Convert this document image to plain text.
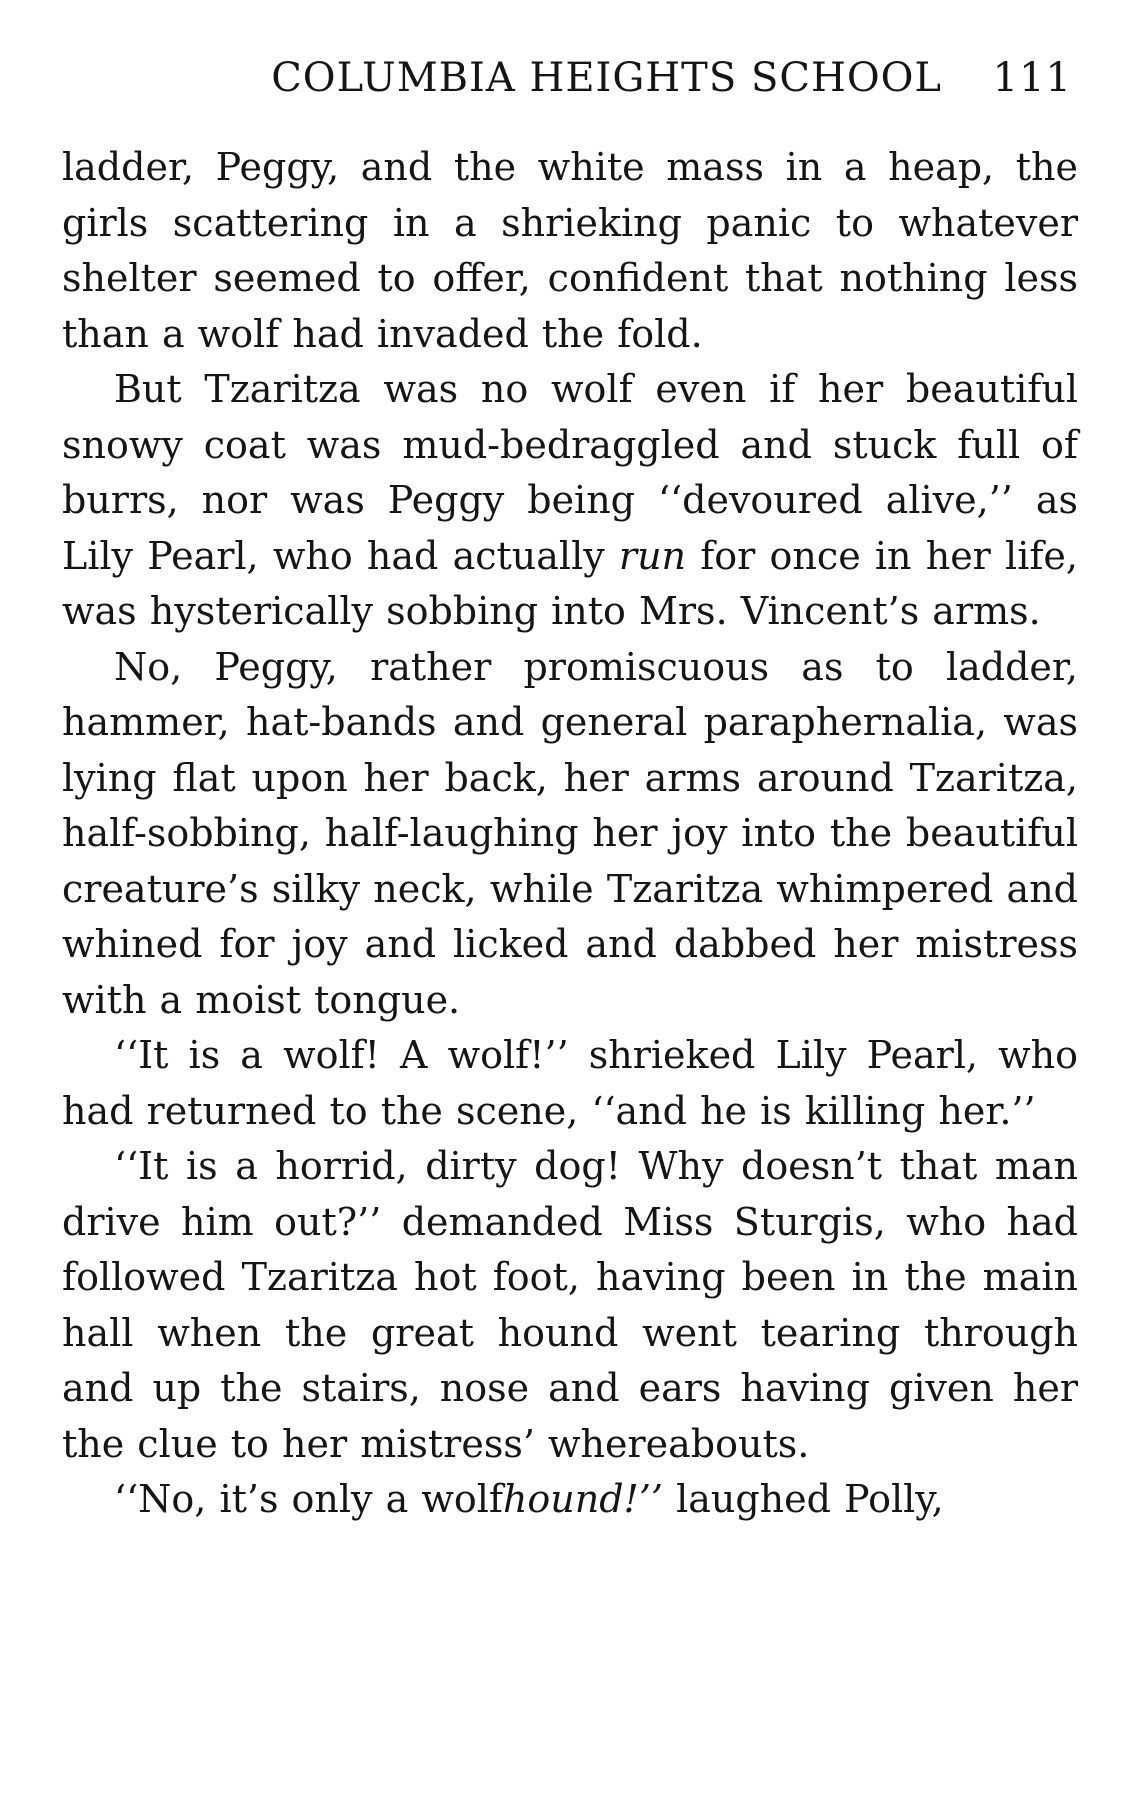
COLUMBIA HEIGHTS SCHOOL 111

ladder, Peggy, and the white mass in a heap, the girls scattering in a shrieking panic to whatever shelter seemed to offer, confident that nothing less than a wolf had invaded the fold.

But Tzaritza was no wolf even if her beautiful snowy coat was mud-bedraggled and stuck full of burrs, nor was Peggy being ‘‘devoured alive,’’ as Lily Pearl, who had actually run for once in her life, was hysterically sobbing into Mrs. Vincent’s arms.

No, Peggy, rather promiscuous as to ladder, hammer, hat-bands and general paraphernalia, was lying flat upon her back, her arms around Tzaritza, half-sobbing, half-laughing her joy into the beautiful creature’s silky neck, while Tzaritza whimpered and whined for joy and licked and dabbed her mistress with a moist tongue.

‘‘It is a wolf! A wolf!’’ shrieked Lily Pearl, who had returned to the scene, ‘‘and he is killing her.’’

‘‘It is a horrid, dirty dog! Why doesn’t that man drive him out?’’ demanded Miss Sturgis, who had followed Tzaritza hot foot, having been in the main hall when the great hound went tearing through and up the stairs, nose and ears having given her the clue to her mistress’ whereabouts.

‘‘No, it’s only a wolfhound!’’ laughed Polly,
